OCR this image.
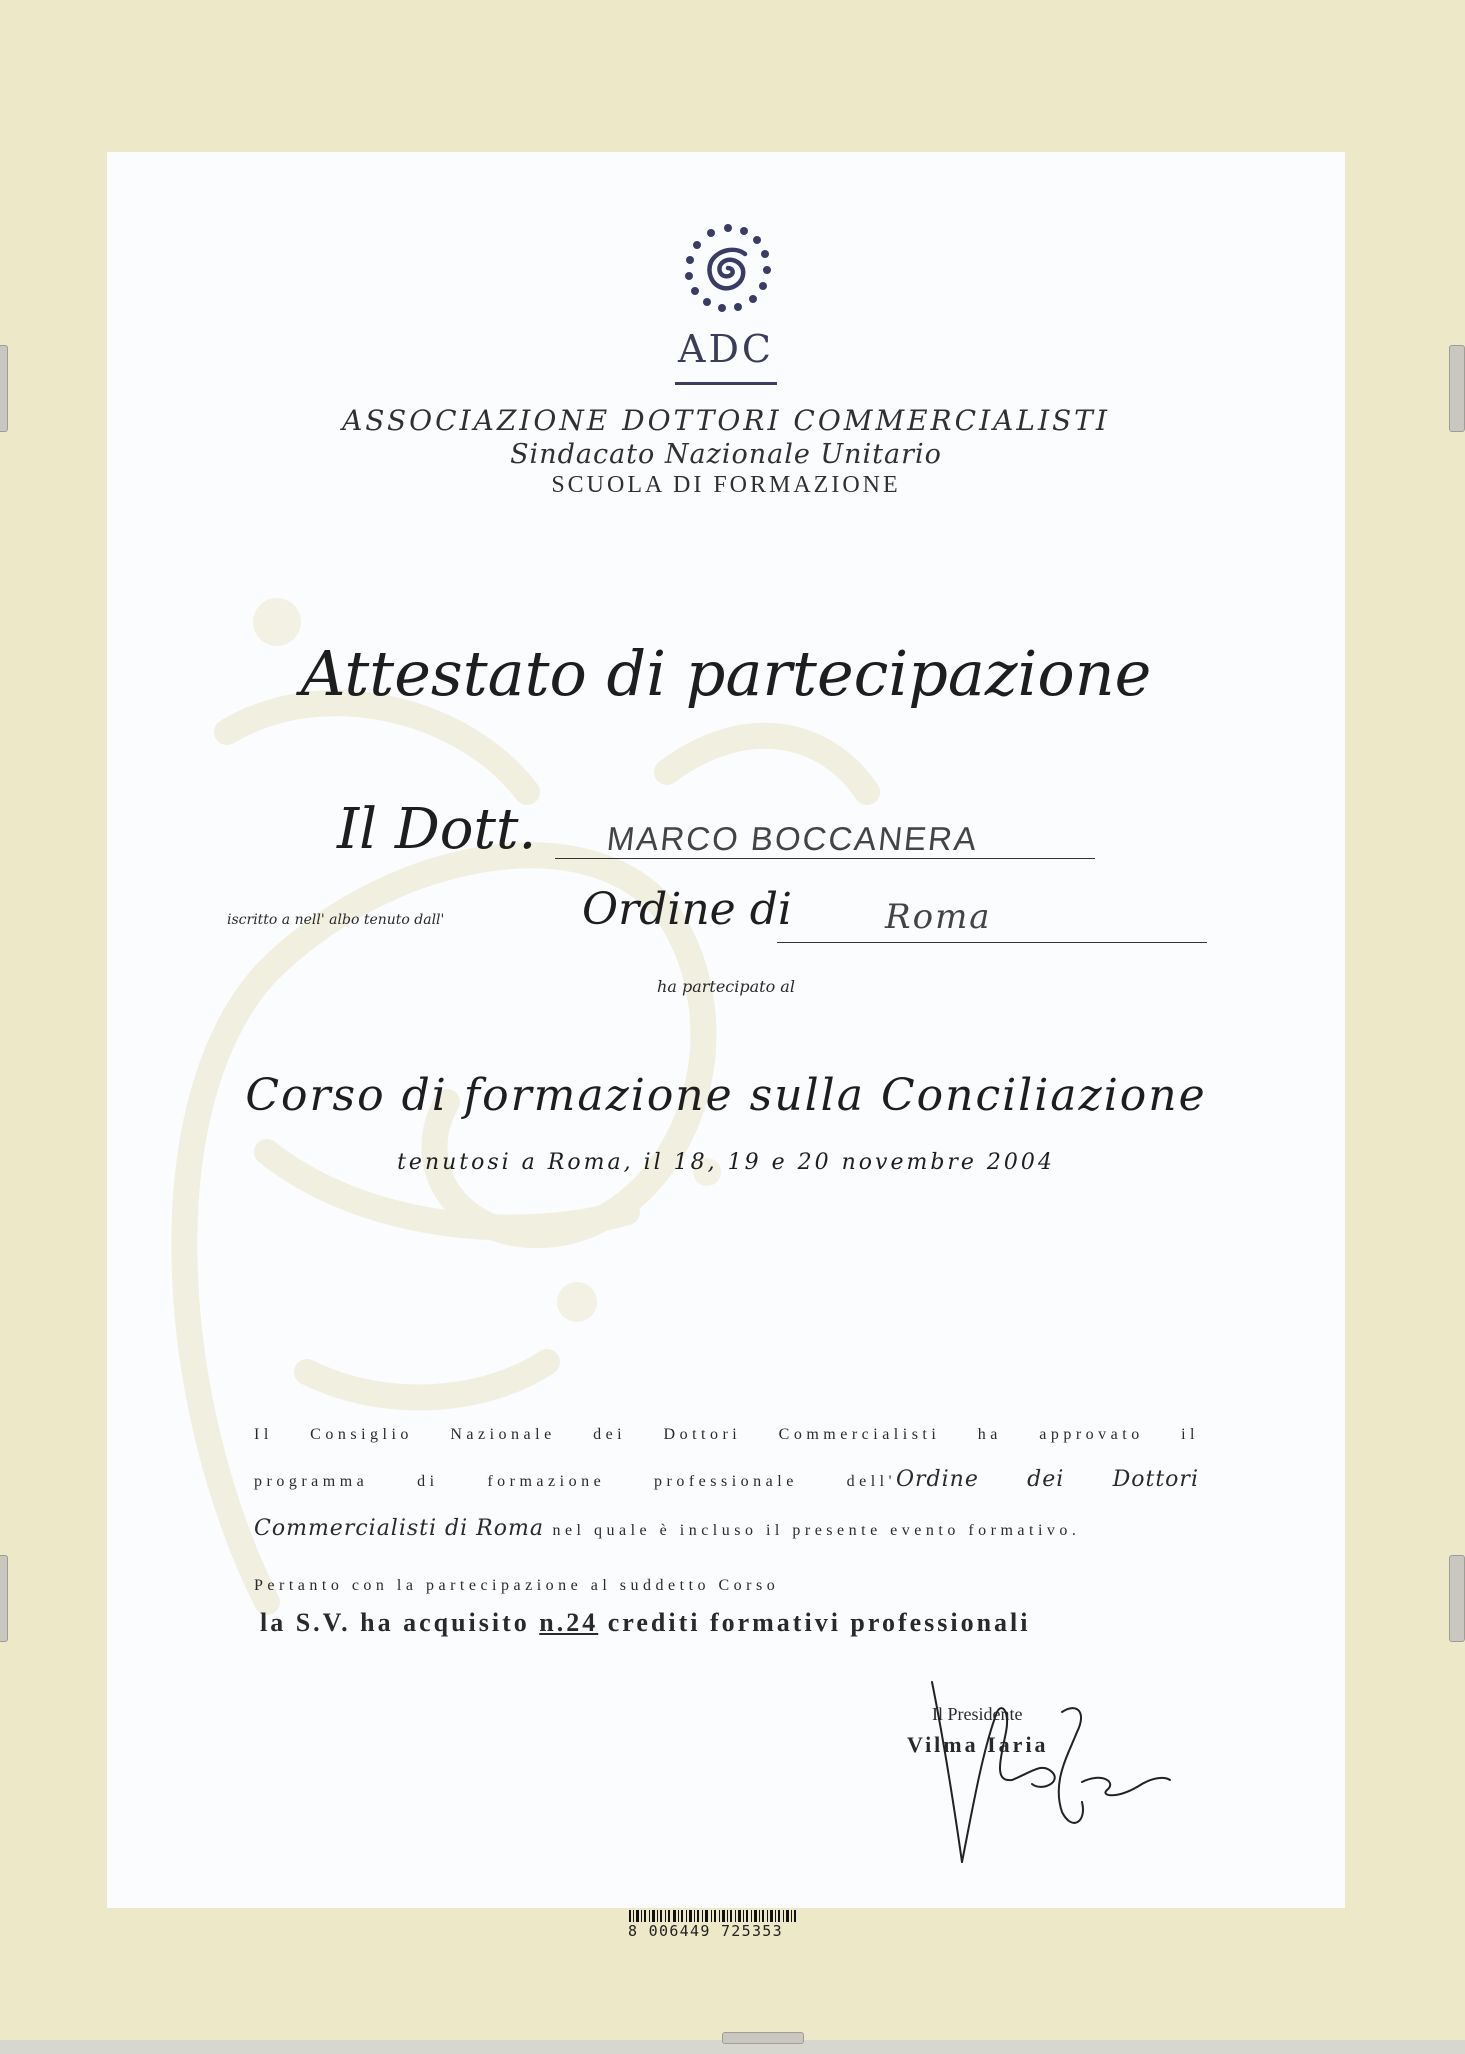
ADC
ASSOCIAZIONE DOTTORI COMMERCIALISTI
Sindacato Nazionale Unitario
SCUOLA DI FORMAZIONE
Attestato di partecipazione
Il Dott. MARCO BOCCANERA
iscritto a nell' albo tenuto dall'	Ordine di	Roma
ha partecipato al
Corso di formazione sulla Conciliazione
tenutosi a Roma, il 18, 19 e 20 novembre 2004
Il Consiglio Nazionale dei Dottori Commercialisti ha approvato il
programma di formazione professionale dell'Ordine dei Dottori
Commercialisti di Roma nel quale è incluso il presente evento formativo.
Pertanto con la partecipazione al suddetto Corso
la S.V. ha acquisito n.24 crediti formativi professionali
Il Presidente
Vilma Iaria
8 006449 725353
